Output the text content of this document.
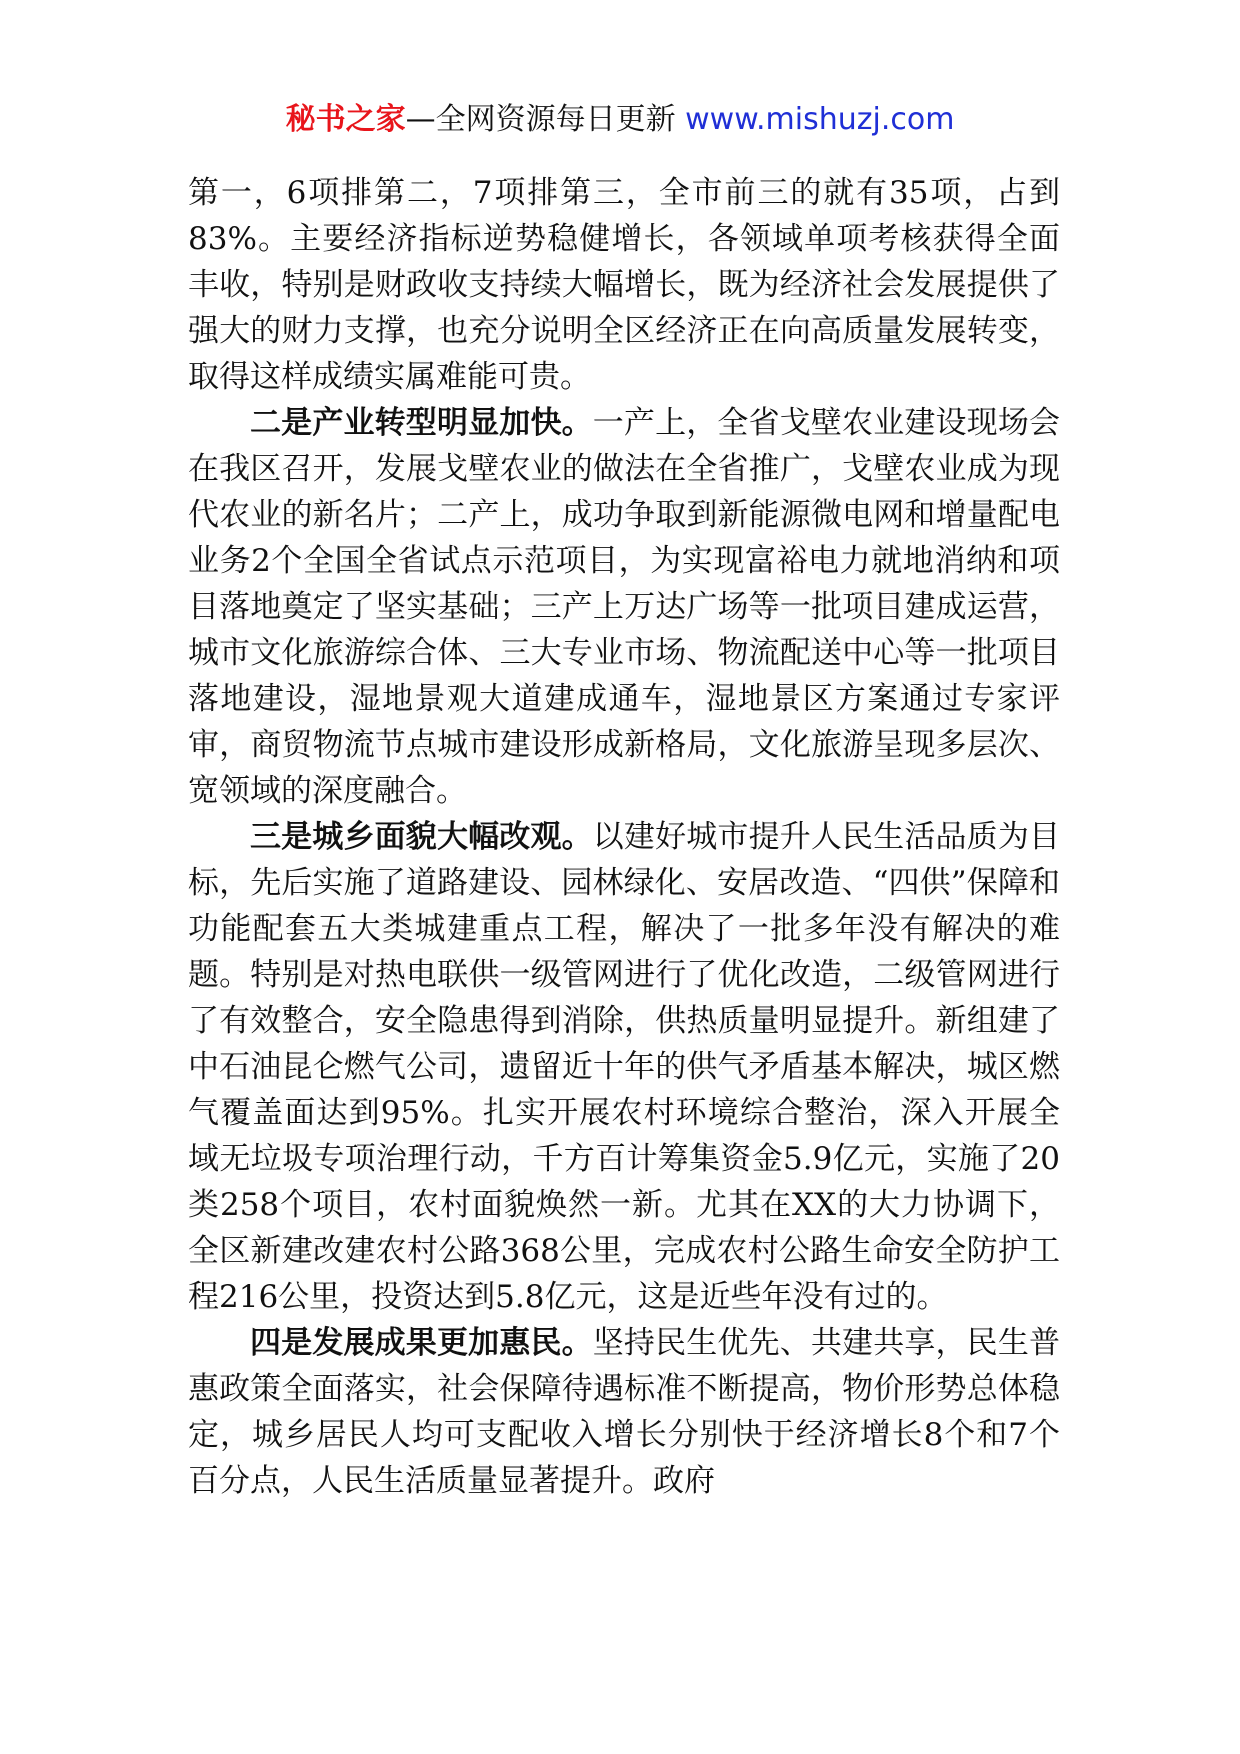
秘书之家—全网资源每日更新 www.mishuzj.com

第一，6项排第二，7项排第三，全市前三的就有35项，占到83%。主要经济指标逆势稳健增长，各领域单项考核获得全面丰收，特别是财政收支持续大幅增长，既为经济社会发展提供了强大的财力支撑，也充分说明全区经济正在向高质量发展转变，取得这样成绩实属难能可贵。

二是产业转型明显加快。一产上，全省戈壁农业建设现场会在我区召开，发展戈壁农业的做法在全省推广，戈壁农业成为现代农业的新名片；二产上，成功争取到新能源微电网和增量配电业务2个全国全省试点示范项目，为实现富裕电力就地消纳和项目落地奠定了坚实基础；三产上万达广场等一批项目建成运营，城市文化旅游综合体、三大专业市场、物流配送中心等一批项目落地建设，湿地景观大道建成通车，湿地景区方案通过专家评审，商贸物流节点城市建设形成新格局，文化旅游呈现多层次、宽领域的深度融合。

三是城乡面貌大幅改观。以建好城市提升人民生活品质为目标，先后实施了道路建设、园林绿化、安居改造、“四供”保障和功能配套五大类城建重点工程，解决了一批多年没有解决的难题。特别是对热电联供一级管网进行了优化改造，二级管网进行了有效整合，安全隐患得到消除，供热质量明显提升。新组建了中石油昆仑燃气公司，遗留近十年的供气矛盾基本解决，城区燃气覆盖面达到95%。扎实开展农村环境综合整治，深入开展全域无垃圾专项治理行动，千方百计筹集资金5.9亿元，实施了20类258个项目，农村面貌焕然一新。尤其在XX的大力协调下，全区新建改建农村公路368公里，完成农村公路生命安全防护工程216公里，投资达到5.8亿元，这是近些年没有过的。

四是发展成果更加惠民。坚持民生优先、共建共享，民生普惠政策全面落实，社会保障待遇标准不断提高，物价形势总体稳定，城乡居民人均可支配收入增长分别快于经济增长8个和7个百分点，人民生活质量显著提升。政府
